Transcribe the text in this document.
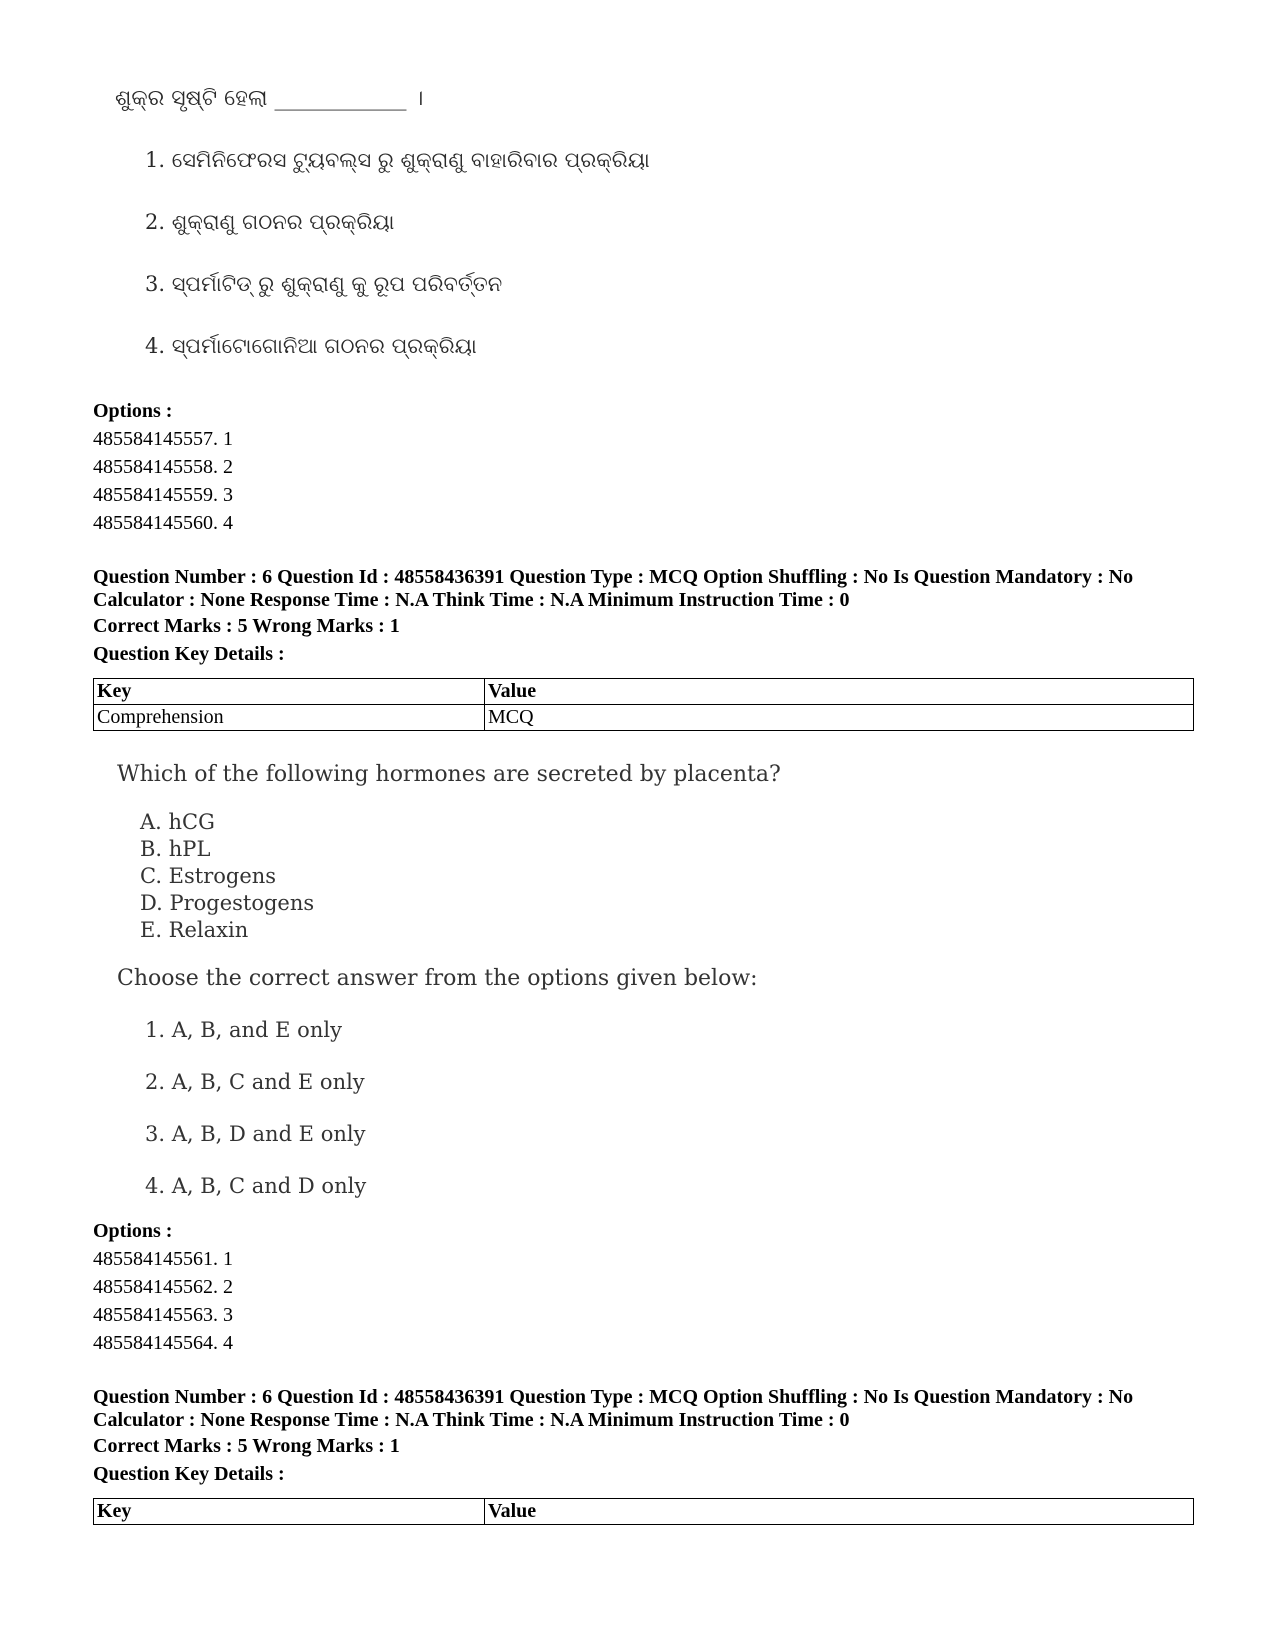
ଶୁକ୍ର ସୃଷ୍ଟି ହେଲା ____________ ।
1. ସେମିନିଫେରସ ଟ୍ୟୁବଲ୍ସ ରୁ ଶୁକ୍ରାଣୁ ବାହାରିବାର ପ୍ରକ୍ରିୟା
2. ଶୁକ୍ରାଣୁ ଗଠନର ପ୍ରକ୍ରିୟା
3. ସ୍ପର୍ମାଟିଡ୍ ରୁ ଶୁକ୍ରାଣୁ କୁ ରୂପ ପରିବର୍ତ୍ତନ
4. ସ୍ପର୍ମାଟୋଗୋନିଆ ଗଠନର ପ୍ରକ୍ରିୟା
Options :
485584145557. 1
485584145558. 2
485584145559. 3
485584145560. 4
Question Number : 6 Question Id : 48558436391 Question Type : MCQ Option Shuffling : No Is Question Mandatory : No
Calculator : None Response Time : N.A Think Time : N.A Minimum Instruction Time : 0
Correct Marks : 5 Wrong Marks : 1
Question Key Details :
Key	Value
Comprehension	MCQ
Which of the following hormones are secreted by placenta?
A. hCG
B. hPL
C. Estrogens
D. Progestogens
E. Relaxin
Choose the correct answer from the options given below:
1. A, B, and E only
2. A, B, C and E only
3. A, B, D and E only
4. A, B, C and D only
Options :
485584145561. 1
485584145562. 2
485584145563. 3
485584145564. 4
Question Number : 6 Question Id : 48558436391 Question Type : MCQ Option Shuffling : No Is Question Mandatory : No
Calculator : None Response Time : N.A Think Time : N.A Minimum Instruction Time : 0
Correct Marks : 5 Wrong Marks : 1
Question Key Details :
Key	Value
